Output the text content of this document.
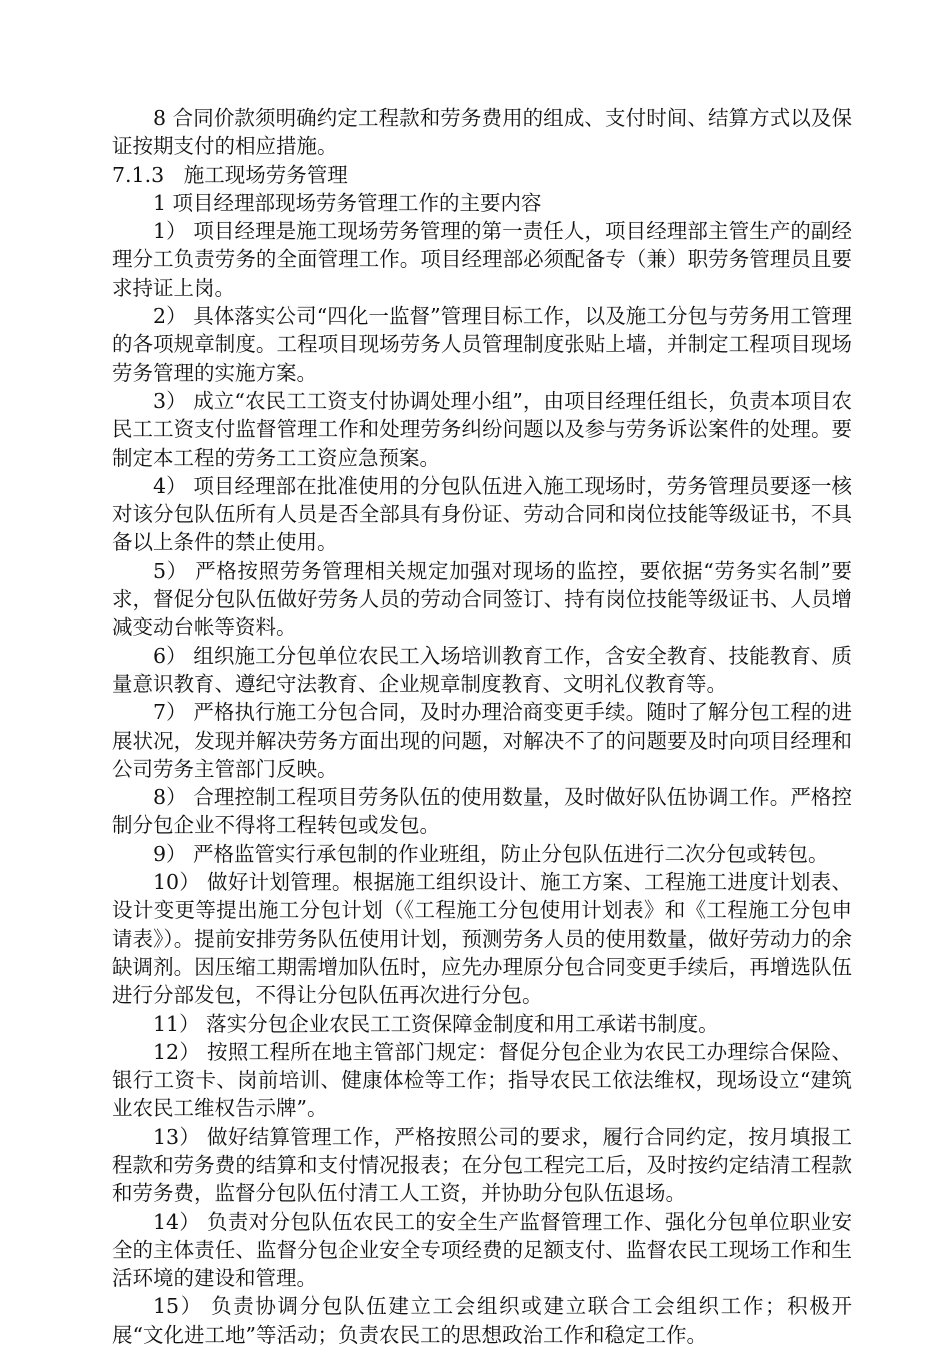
8 合同价款须明确约定工程款和劳务费用的组成、支付时间、结算方式以及保证按期支付的相应措施。

7.1.3   施工现场劳务管理

1 项目经理部现场劳务管理工作的主要内容

1） 项目经理是施工现场劳务管理的第一责任人，项目经理部主管生产的副经理分工负责劳务的全面管理工作。项目经理部必须配备专（兼）职劳务管理员且要求持证上岗。

2） 具体落实公司“四化一监督”管理目标工作，以及施工分包与劳务用工管理的各项规章制度。工程项目现场劳务人员管理制度张贴上墙，并制定工程项目现场劳务管理的实施方案。

3） 成立“农民工工资支付协调处理小组”，由项目经理任组长，负责本项目农民工工资支付监督管理工作和处理劳务纠纷问题以及参与劳务诉讼案件的处理。要制定本工程的劳务工工资应急预案。

4） 项目经理部在批准使用的分包队伍进入施工现场时，劳务管理员要逐一核对该分包队伍所有人员是否全部具有身份证、劳动合同和岗位技能等级证书，不具备以上条件的禁止使用。

5） 严格按照劳务管理相关规定加强对现场的监控，要依据“劳务实名制”要求，督促分包队伍做好劳务人员的劳动合同签订、持有岗位技能等级证书、人员增减变动台帐等资料。

6） 组织施工分包单位农民工入场培训教育工作，含安全教育、技能教育、质量意识教育、遵纪守法教育、企业规章制度教育、文明礼仪教育等。

7） 严格执行施工分包合同，及时办理洽商变更手续。随时了解分包工程的进展状况，发现并解决劳务方面出现的问题，对解决不了的问题要及时向项目经理和公司劳务主管部门反映。

8） 合理控制工程项目劳务队伍的使用数量，及时做好队伍协调工作。严格控制分包企业不得将工程转包或发包。

9） 严格监管实行承包制的作业班组，防止分包队伍进行二次分包或转包。

10） 做好计划管理。根据施工组织设计、施工方案、工程施工进度计划表、设计变更等提出施工分包计划（《工程施工分包使用计划表》和《工程施工分包申请表》）。提前安排劳务队伍使用计划，预测劳务人员的使用数量，做好劳动力的余缺调剂。因压缩工期需增加队伍时，应先办理原分包合同变更手续后，再增选队伍进行分部发包，不得让分包队伍再次进行分包。

11） 落实分包企业农民工工资保障金制度和用工承诺书制度。

12） 按照工程所在地主管部门规定：督促分包企业为农民工办理综合保险、银行工资卡、岗前培训、健康体检等工作；指导农民工依法维权，现场设立“建筑业农民工维权告示牌”。

13） 做好结算管理工作，严格按照公司的要求，履行合同约定，按月填报工程款和劳务费的结算和支付情况报表；在分包工程完工后，及时按约定结清工程款和劳务费，监督分包队伍付清工人工资，并协助分包队伍退场。

14） 负责对分包队伍农民工的安全生产监督管理工作、强化分包单位职业安全的主体责任、监督分包企业安全专项经费的足额支付、监督农民工现场工作和生活环境的建设和管理。

15） 负责协调分包队伍建立工会组织或建立联合工会组织工作；积极开展“文化进工地”等活动；负责农民工的思想政治工作和稳定工作。
